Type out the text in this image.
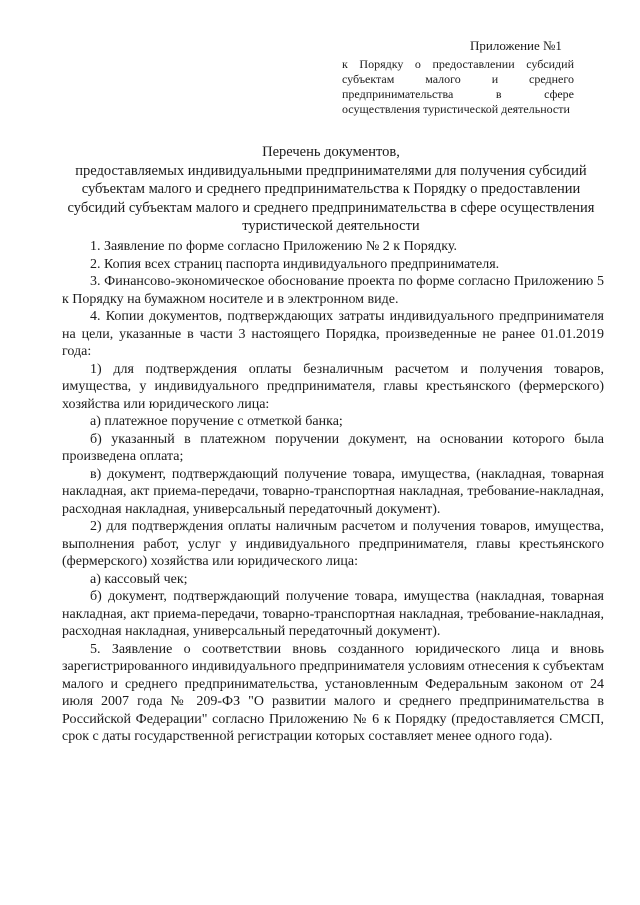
Приложение №1
к Порядку о предоставлении субсидий субъектам малого и среднего предпринимательства в сфере осуществления туристической деятельности
Перечень документов,
предоставляемых индивидуальными предпринимателями для получения субсидий
субъектам малого и среднего предпринимательства к Порядку о предоставлении
субсидий субъектам малого и среднего предпринимательства в сфере осуществления
туристической деятельности

1. Заявление по форме согласно Приложению № 2 к Порядку.

2. Копия всех страниц паспорта индивидуального предпринимателя.

3. Финансово-экономическое обоснование проекта по форме согласно Приложению 5 к Порядку на бумажном носителе и в электронном виде.

4. Копии документов, подтверждающих затраты индивидуального предпринимателя на цели, указанные в части 3 настоящего Порядка, произведенные не ранее 01.01.2019 года:

1) для подтверждения оплаты безналичным расчетом и получения товаров, имущества, у индивидуального предпринимателя, главы крестьянского (фермерского) хозяйства или юридического лица:

а) платежное поручение с отметкой банка;

б) указанный в платежном поручении документ, на основании которого была произведена оплата;

в) документ, подтверждающий получение товара, имущества, (накладная, товарная накладная, акт приема-передачи, товарно-транспортная накладная, требование-накладная, расходная накладная, универсальный передаточный документ).

2) для подтверждения оплаты наличным расчетом и получения товаров, имущества, выполнения работ, услуг у индивидуального предпринимателя, главы крестьянского (фермерского) хозяйства или юридического лица:

а) кассовый чек;

б) документ, подтверждающий получение товара, имущества (накладная, товарная накладная, акт приема-передачи, товарно-транспортная накладная, требование-накладная, расходная накладная, универсальный передаточный документ).

5. Заявление о соответствии вновь созданного юридического лица и вновь зарегистрированного индивидуального предпринимателя условиям отнесения к субъектам малого и среднего предпринимательства, установленным Федеральным законом от 24 июля 2007 года № 209-ФЗ "О развитии малого и среднего предпринимательства в Российской Федерации" согласно Приложению № 6 к Порядку (предоставляется СМСП, срок с даты государственной регистрации которых составляет менее одного года).
